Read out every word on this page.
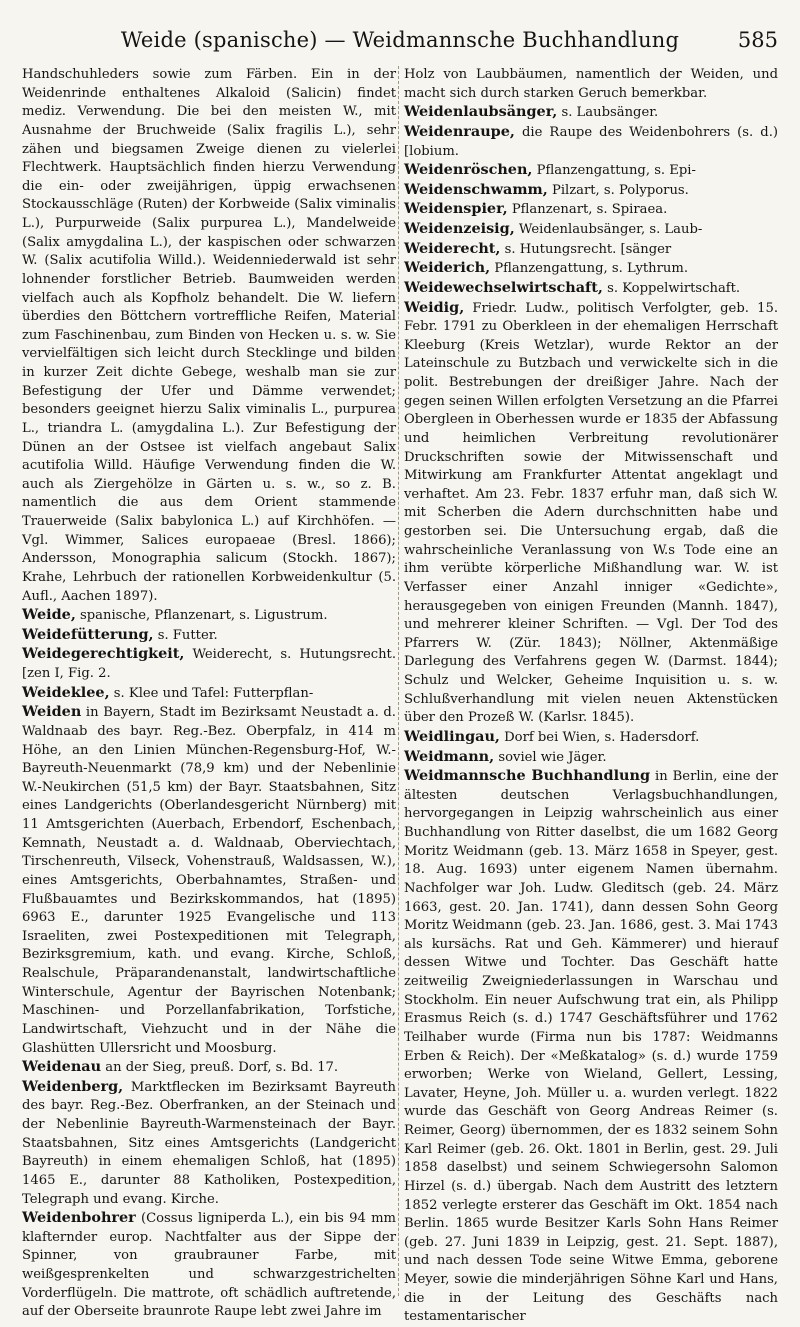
Weide (spanische) — Weidmannsche Buchhandlung	585

Handschuhleders sowie zum Färben. Ein in der Weidenrinde enthaltenes Alkaloid (Salicin) findet mediz. Verwendung. Die bei den meisten W., mit Ausnahme der Bruchweide (Salix fragilis L.), sehr zähen und biegsamen Zweige dienen zu vielerlei Flechtwerk. Hauptsächlich finden hierzu Verwendung die ein- oder zweijährigen, üppig erwachsenen Stockausschläge (Ruten) der Korbweide (Salix viminalis L.), Purpurweide (Salix purpurea L.), Mandelweide (Salix amygdalina L.), der kaspischen oder schwarzen W. (Salix acutifolia Willd.). Weidenniederwald ist sehr lohnender forstlicher Betrieb. Baumweiden werden vielfach auch als Kopfholz behandelt. Die W. liefern überdies den Böttchern vortreffliche Reifen, Material zum Faschinenbau, zum Binden von Hecken u. s. w. Sie vervielfältigen sich leicht durch Stecklinge und bilden in kurzer Zeit dichte Gebege, weshalb man sie zur Befestigung der Ufer und Dämme verwendet; besonders geeignet hierzu Salix viminalis L., purpurea L., triandra L. (amygdalina L.). Zur Befestigung der Dünen an der Ostsee ist vielfach angebaut Salix acutifolia Willd. Häufige Verwendung finden die W. auch als Ziergehölze in Gärten u. s. w., so z. B. namentlich die aus dem Orient stammende Trauerweide (Salix babylonica L.) auf Kirchhöfen. — Vgl. Wimmer, Salices europaeae (Bresl. 1866); Andersson, Monographia salicum (Stockh. 1867); Krahe, Lehrbuch der rationellen Korbweidenkultur (5. Aufl., Aachen 1897).

Weide, spanische, Pflanzenart, s. Ligustrum.

Weidefütterung, s. Futter.

Weidegerechtigkeit, Weiderecht, s. Hutungsrecht. [zen I, Fig. 2.

Weideklee, s. Klee und Tafel: Futterpflan-

Weiden in Bayern, Stadt im Bezirksamt Neustadt a. d. Waldnaab des bayr. Reg.-Bez. Oberpfalz, in 414 m Höhe, an den Linien München-Regensburg-Hof, W.-Bayreuth-Neuenmarkt (78,9 km) und der Nebenlinie W.-Neukirchen (51,5 km) der Bayr. Staatsbahnen, Sitz eines Landgerichts (Oberlandesgericht Nürnberg) mit 11 Amtsgerichten (Auerbach, Erbendorf, Eschenbach, Kemnath, Neustadt a. d. Waldnaab, Oberviechtach, Tirschenreuth, Vilseck, Vohenstrauß, Waldsassen, W.), eines Amtsgerichts, Oberbahnamtes, Straßen- und Flußbauamtes und Bezirkskommandos, hat (1895) 6963 E., darunter 1925 Evangelische und 113 Israeliten, zwei Postexpeditionen mit Telegraph, Bezirksgremium, kath. und evang. Kirche, Schloß, Realschule, Präparandenanstalt, landwirtschaftliche Winterschule, Agentur der Bayrischen Notenbank; Maschinen- und Porzellanfabrikation, Torfstiche, Landwirtschaft, Viehzucht und in der Nähe die Glashütten Ullersricht und Moosburg.

Weidenau an der Sieg, preuß. Dorf, s. Bd. 17.

Weidenberg, Marktflecken im Bezirksamt Bayreuth des bayr. Reg.-Bez. Oberfranken, an der Steinach und der Nebenlinie Bayreuth-Warmensteinach der Bayr. Staatsbahnen, Sitz eines Amtsgerichts (Landgericht Bayreuth) in einem ehemaligen Schloß, hat (1895) 1465 E., darunter 88 Katholiken, Postexpedition, Telegraph und evang. Kirche.

Weidenbohrer (Cossus ligniperda L.), ein bis 94 mm klafternder europ. Nachtfalter aus der Sippe der Spinner, von graubrauner Farbe, mit weißgesprenkelten und schwarzgestrichelten Vorderflügeln. Die mattrote, oft schädlich auftretende, auf der Oberseite braunrote Raupe lebt zwei Jahre im

Holz von Laubbäumen, namentlich der Weiden, und macht sich durch starken Geruch bemerkbar.

Weidenlaubsänger, s. Laubsänger.

Weidenraupe, die Raupe des Weidenbohrers (s. d.) [lobium.

Weidenröschen, Pflanzengattung, s. Epi-

Weidenschwamm, Pilzart, s. Polyporus.

Weidenspier, Pflanzenart, s. Spiraea.

Weidenzeisig, Weidenlaubsänger, s. Laub-

Weiderecht, s. Hutungsrecht. [sänger

Weiderich, Pflanzengattung, s. Lythrum.

Weidewechselwirtschaft, s. Koppelwirtschaft.

Weidig, Friedr. Ludw., politisch Verfolgter, geb. 15. Febr. 1791 zu Oberkleen in der ehemaligen Herrschaft Kleeburg (Kreis Wetzlar), wurde Rektor an der Lateinschule zu Butzbach und verwickelte sich in die polit. Bestrebungen der dreißiger Jahre. Nach der gegen seinen Willen erfolgten Versetzung an die Pfarrei Obergleen in Oberhessen wurde er 1835 der Abfassung und heimlichen Verbreitung revolutionärer Druckschriften sowie der Mitwissenschaft und Mitwirkung am Frankfurter Attentat angeklagt und verhaftet. Am 23. Febr. 1837 erfuhr man, daß sich W. mit Scherben die Adern durchschnitten habe und gestorben sei. Die Untersuchung ergab, daß die wahrscheinliche Veranlassung von W.s Tode eine an ihm verübte körperliche Mißhandlung war. W. ist Verfasser einer Anzahl inniger «Gedichte», herausgegeben von einigen Freunden (Mannh. 1847), und mehrerer kleiner Schriften. — Vgl. Der Tod des Pfarrers W. (Zür. 1843); Nöllner, Aktenmäßige Darlegung des Verfahrens gegen W. (Darmst. 1844); Schulz und Welcker, Geheime Inquisition u. s. w. Schlußverhandlung mit vielen neuen Aktenstücken über den Prozeß W. (Karlsr. 1845).

Weidlingau, Dorf bei Wien, s. Hadersdorf.

Weidmann, soviel wie Jäger.

Weidmannsche Buchhandlung in Berlin, eine der ältesten deutschen Verlagsbuchhandlungen, hervorgegangen in Leipzig wahrscheinlich aus einer Buchhandlung von Ritter daselbst, die um 1682 Georg Moritz Weidmann (geb. 13. März 1658 in Speyer, gest. 18. Aug. 1693) unter eigenem Namen übernahm. Nachfolger war Joh. Ludw. Gleditsch (geb. 24. März 1663, gest. 20. Jan. 1741), dann dessen Sohn Georg Moritz Weidmann (geb. 23. Jan. 1686, gest. 3. Mai 1743 als kursächs. Rat und Geh. Kämmerer) und hierauf dessen Witwe und Tochter. Das Geschäft hatte zeitweilig Zweigniederlassungen in Warschau und Stockholm. Ein neuer Aufschwung trat ein, als Philipp Erasmus Reich (s. d.) 1747 Geschäftsführer und 1762 Teilhaber wurde (Firma nun bis 1787: Weidmanns Erben & Reich). Der «Meßkatalog» (s. d.) wurde 1759 erworben; Werke von Wieland, Gellert, Lessing, Lavater, Heyne, Joh. Müller u. a. wurden verlegt. 1822 wurde das Geschäft von Georg Andreas Reimer (s. Reimer, Georg) übernommen, der es 1832 seinem Sohn Karl Reimer (geb. 26. Okt. 1801 in Berlin, gest. 29. Juli 1858 daselbst) und seinem Schwiegersohn Salomon Hirzel (s. d.) übergab. Nach dem Austritt des letztern 1852 verlegte ersterer das Geschäft im Okt. 1854 nach Berlin. 1865 wurde Besitzer Karls Sohn Hans Reimer (geb. 27. Juni 1839 in Leipzig, gest. 21. Sept. 1887), und nach dessen Tode seine Witwe Emma, geborene Meyer, sowie die minderjährigen Söhne Karl und Hans, die in der Leitung des Geschäfts nach testamentarischer
